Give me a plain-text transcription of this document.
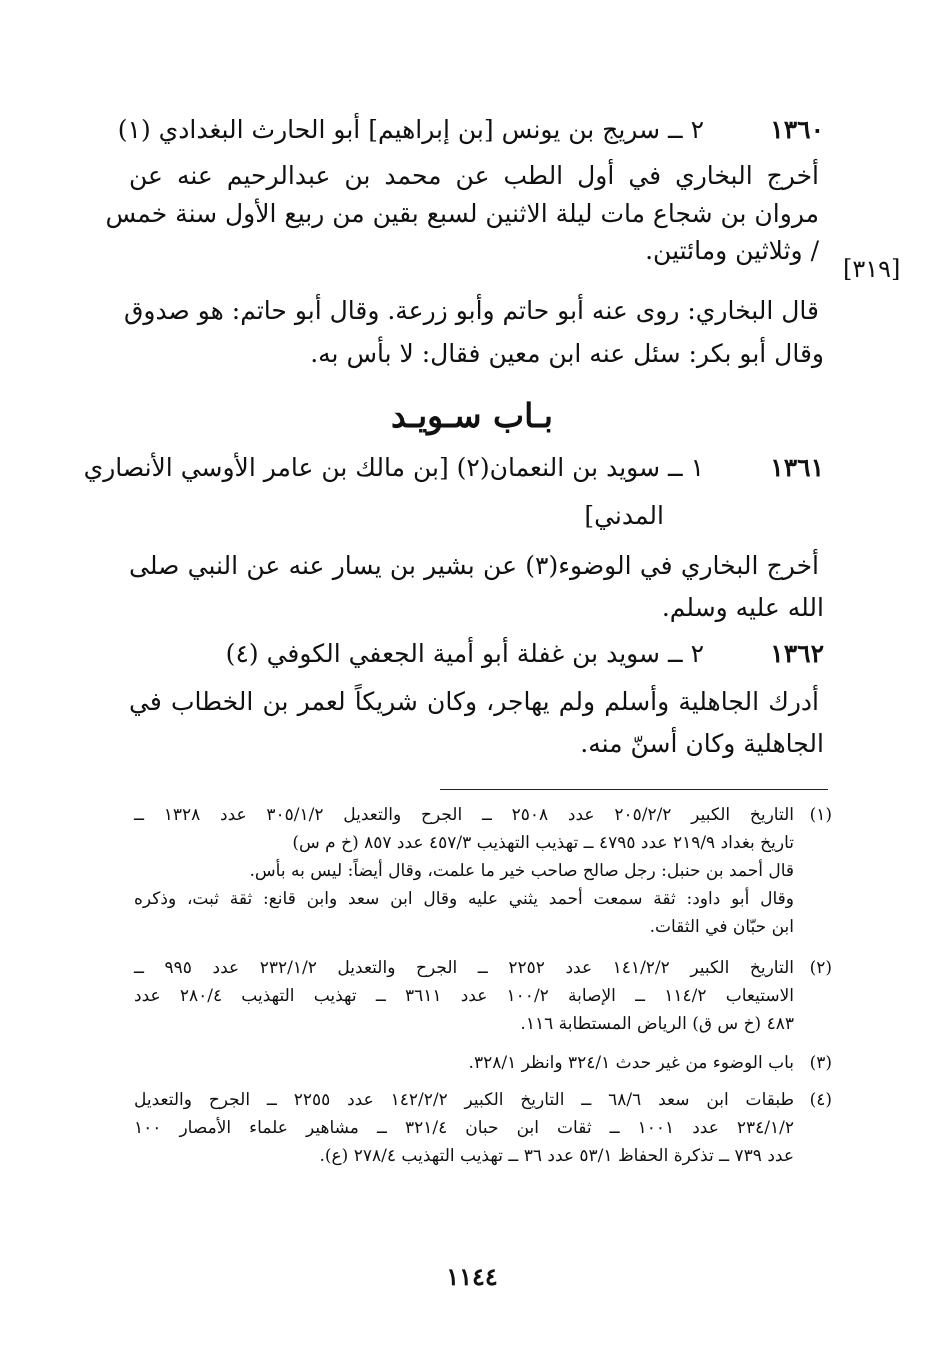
١٣٦٠
٢ ــ سريج بن يونس [بن إبراهيم] أبو الحارث البغدادي (١)
أخرج البخاري في أول الطب عن محمد بن عبدالرحيم عنه عن
مروان بن شجاع مات ليلة الاثنين لسبع بقين من ربيع الأول سنة خمس
/ وثلاثين ومائتين.
[٣١٩]
قال البخاري: روى عنه أبو حاتم وأبو زرعة. وقال أبو حاتم: هو صدوق
وقال أبو بكر: سئل عنه ابن معين فقال: لا بأس به.
بـاب سـويـد
١٣٦١
١ ــ سويد بن النعمان(٢) [بن مالك بن عامر الأوسي الأنصاري
المدني]
أخرج البخاري في الوضوء(٣) عن بشير بن يسار عنه عن النبي صلى
الله عليه وسلم.
١٣٦٢
٢ ــ سويد بن غفلة أبو أمية الجعفي الكوفي (٤)
أدرك الجاهلية وأسلم ولم يهاجر، وكان شريكاً لعمر بن الخطاب في
الجاهلية وكان أسنّ منه.
(١)
التاريخ الكبير ٢٠٥/٢/٢ عدد ٢٥٠٨ ــ الجرح والتعديل ٣٠٥/١/٢ عدد ١٣٢٨ ــ
تاريخ بغداد ٢١٩/٩ عدد ٤٧٩٥ ــ تهذيب التهذيب ٤٥٧/٣ عدد ٨٥٧ (خ م س)
قال أحمد بن حنبل: رجل صالح صاحب خير ما علمت، وقال أيضاً: ليس به بأس.
وقال أبو داود: ثقة سمعت أحمد يثني عليه وقال ابن سعد وابن قانع: ثقة ثبت، وذكره
ابن حبّان في الثقات.
(٢)
التاريخ الكبير ١٤١/٢/٢ عدد ٢٢٥٢ ــ الجرح والتعديل ٢٣٢/١/٢ عدد ٩٩٥ ــ
الاستيعاب ١١٤/٢ ــ الإصابة ١٠٠/٢ عدد ٣٦١١ ــ تهذيب التهذيب ٢٨٠/٤ عدد
٤٨٣ (خ س ق) الرياض المستطابة ١١٦.
(٣)
باب الوضوء من غير حدث ٣٢٤/١ وانظر ٣٢٨/١.
(٤)
طبقات ابن سعد ٦٨/٦ ــ التاريخ الكبير ١٤٢/٢/٢ عدد ٢٢٥٥ ــ الجرح والتعديل
٢٣٤/١/٢ عدد ١٠٠١ ــ ثقات ابن حبان ٣٢١/٤ ــ مشاهير علماء الأمصار ١٠٠
عدد ٧٣٩ ــ تذكرة الحفاظ ٥٣/١ عدد ٣٦ ــ تهذيب التهذيب ٢٧٨/٤ (ع).
١١٤٤
